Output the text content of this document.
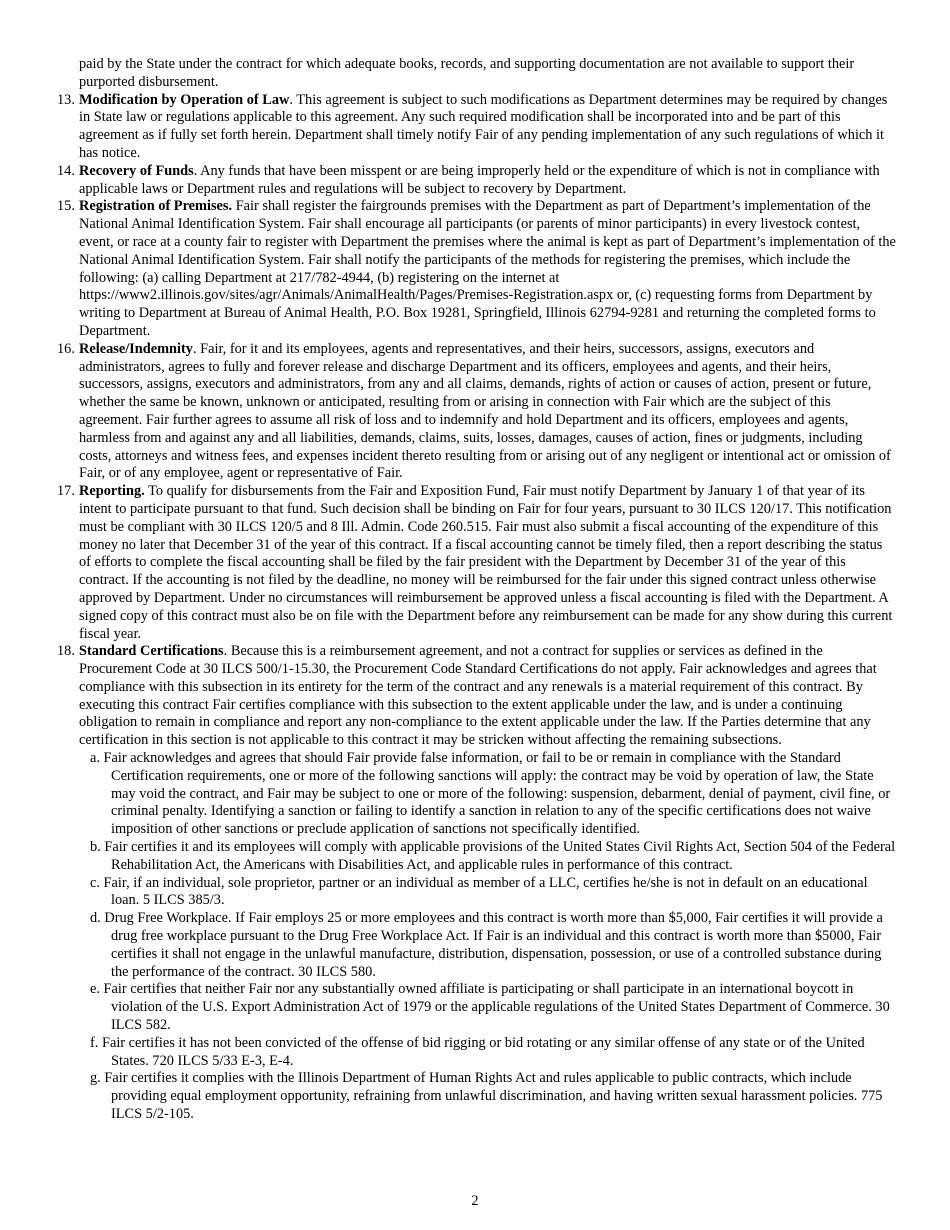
paid by the State under the contract for which adequate books, records, and supporting documentation are not available to support their purported disbursement.

13. Modification by Operation of Law. This agreement is subject to such modifications as Department determines may be required by changes in State law or regulations applicable to this agreement. Any such required modification shall be incorporated into and be part of this agreement as if fully set forth herein. Department shall timely notify Fair of any pending implementation of any such regulations of which it has notice.
14. Recovery of Funds. Any funds that have been misspent or are being improperly held or the expenditure of which is not in compliance with applicable laws or Department rules and regulations will be subject to recovery by Department.
15. Registration of Premises. Fair shall register the fairgrounds premises with the Department as part of Department’s implementation of the National Animal Identification System. Fair shall encourage all participants (or parents of minor participants) in every livestock contest, event, or race at a county fair to register with Department the premises where the animal is kept as part of Department’s implementation of the National Animal Identification System. Fair shall notify the participants of the methods for registering the premises, which include the following: (a) calling Department at 217/782-4944, (b) registering on the internet at https://www2.illinois.gov/sites/agr/Animals/AnimalHealth/Pages/Premises-Registration.aspx or, (c) requesting forms from Department by writing to Department at Bureau of Animal Health, P.O. Box 19281, Springfield, Illinois 62794-9281 and returning the completed forms to Department.
16. Release/Indemnity. Fair, for it and its employees, agents and representatives, and their heirs, successors, assigns, executors and administrators, agrees to fully and forever release and discharge Department and its officers, employees and agents, and their heirs, successors, assigns, executors and administrators, from any and all claims, demands, rights of action or causes of action, present or future, whether the same be known, unknown or anticipated, resulting from or arising in connection with Fair which are the subject of this agreement. Fair further agrees to assume all risk of loss and to indemnify and hold Department and its officers, employees and agents, harmless from and against any and all liabilities, demands, claims, suits, losses, damages, causes of action, fines or judgments, including costs, attorneys and witness fees, and expenses incident thereto resulting from or arising out of any negligent or intentional act or omission of Fair, or of any employee, agent or representative of Fair.
17. Reporting. To qualify for disbursements from the Fair and Exposition Fund, Fair must notify Department by January 1 of that year of its intent to participate pursuant to that fund. Such decision shall be binding on Fair for four years, pursuant to 30 ILCS 120/17. This notification must be compliant with 30 ILCS 120/5 and 8 Ill. Admin. Code 260.515. Fair must also submit a fiscal accounting of the expenditure of this money no later that December 31 of the year of this contract. If a fiscal accounting cannot be timely filed, then a report describing the status of efforts to complete the fiscal accounting shall be filed by the fair president with the Department by December 31 of the year of this contract. If the accounting is not filed by the deadline, no money will be reimbursed for the fair under this signed contract unless otherwise approved by Department. Under no circumstances will reimbursement be approved unless a fiscal accounting is filed with the Department. A signed copy of this contract must also be on file with the Department before any reimbursement can be made for any show during this current fiscal year.
18. Standard Certifications. Because this is a reimbursement agreement, and not a contract for supplies or services as defined in the Procurement Code at 30 ILCS 500/1-15.30, the Procurement Code Standard Certifications do not apply. Fair acknowledges and agrees that compliance with this subsection in its entirety for the term of the contract and any renewals is a material requirement of this contract. By executing this contract Fair certifies compliance with this subsection to the extent applicable under the law, and is under a continuing obligation to remain in compliance and report any non-compliance to the extent applicable under the law. If the Parties determine that any certification in this section is not applicable to this contract it may be stricken without affecting the remaining subsections.

a. Fair acknowledges and agrees that should Fair provide false information, or fail to be or remain in compliance with the Standard Certification requirements, one or more of the following sanctions will apply: the contract may be void by operation of law, the State may void the contract, and Fair may be subject to one or more of the following: suspension, debarment, denial of payment, civil fine, or criminal penalty. Identifying a sanction or failing to identify a sanction in relation to any of the specific certifications does not waive imposition of other sanctions or preclude application of sanctions not specifically identified.

b. Fair certifies it and its employees will comply with applicable provisions of the United States Civil Rights Act, Section 504 of the Federal Rehabilitation Act, the Americans with Disabilities Act, and applicable rules in performance of this contract.

c. Fair, if an individual, sole proprietor, partner or an individual as member of a LLC, certifies he/she is not in default on an educational loan. 5 ILCS 385/3.

d. Drug Free Workplace. If Fair employs 25 or more employees and this contract is worth more than $5,000, Fair certifies it will provide a drug free workplace pursuant to the Drug Free Workplace Act. If Fair is an individual and this contract is worth more than $5000, Fair certifies it shall not engage in the unlawful manufacture, distribution, dispensation, possession, or use of a controlled substance during the performance of the contract. 30 ILCS 580.

e. Fair certifies that neither Fair nor any substantially owned affiliate is participating or shall participate in an international boycott in violation of the U.S. Export Administration Act of 1979 or the applicable regulations of the United States Department of Commerce. 30 ILCS 582.

f. Fair certifies it has not been convicted of the offense of bid rigging or bid rotating or any similar offense of any state or of the United States. 720 ILCS 5/33 E-3, E-4.

g. Fair certifies it complies with the Illinois Department of Human Rights Act and rules applicable to public contracts, which include providing equal employment opportunity, refraining from unlawful discrimination, and having written sexual harassment policies. 775 ILCS 5/2-105.

2
